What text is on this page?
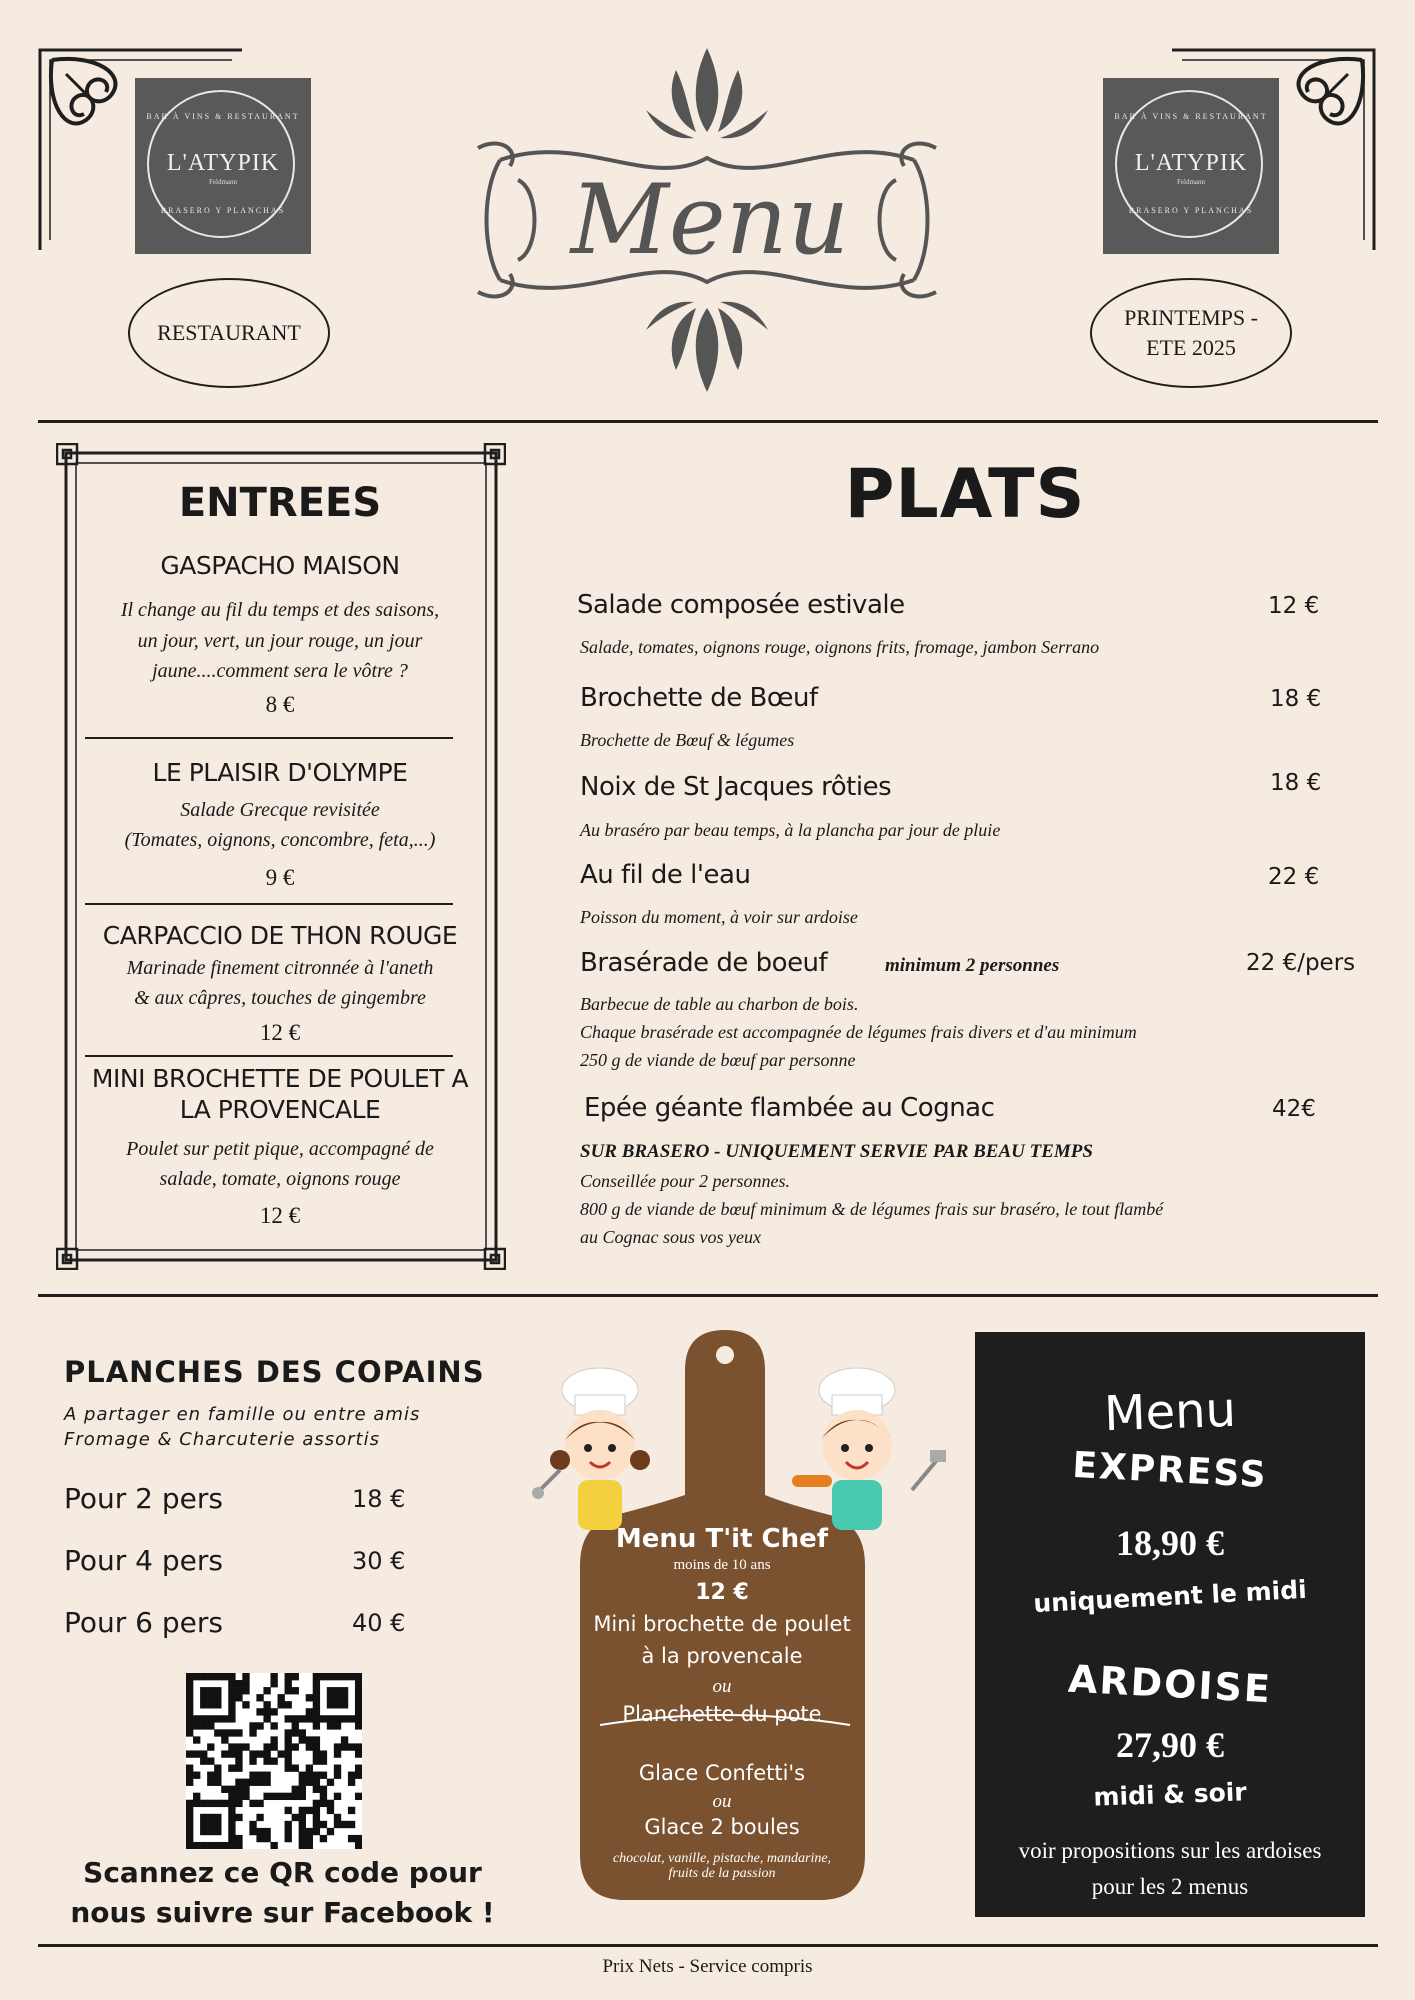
BAR À VINS & RESTAURANT
L'ATYPIK
Feldmann
BRASERO Y PLANCHAS
BAR À VINS & RESTAURANT
L'ATYPIK
Feldmann
BRASERO Y PLANCHAS
RESTAURANT
PRINTEMPS -
ETE 2025
Menu
ENTREES
GASPACHO MAISON
Il change au fil du temps et des saisons,
un jour, vert, un jour rouge, un jour
jaune....comment sera le vôtre ?
8 €
LE PLAISIR D'OLYMPE
Salade Grecque revisitée
(Tomates, oignons, concombre, feta,...)
9 €
CARPACCIO DE THON ROUGE
Marinade finement citronnée à l'aneth
& aux câpres, touches de gingembre
12 €
MINI BROCHETTE DE POULET A
LA PROVENCALE
Poulet sur petit pique, accompagné de
salade, tomate, oignons rouge
12 €
PLATS
Salade composée estivale	12 €
Salade, tomates, oignons rouge, oignons frits, fromage, jambon Serrano
Brochette de Bœuf	18 €
Brochette de Bœuf & légumes
Noix de St Jacques rôties	18 €
Au braséro par beau temps, à la plancha par jour de pluie
Au fil de l'eau	22 €
Poisson du moment, à voir sur ardoise
Brasérade de boeuf	minimum 2 personnes	22 €/pers
Barbecue de table au charbon de bois.
Chaque brasérade est accompagnée de légumes frais divers et d'au minimum
250 g de viande de bœuf par personne
Epée géante flambée au Cognac	42€
SUR BRASERO - UNIQUEMENT SERVIE PAR BEAU TEMPS
Conseillée pour 2 personnes.
800 g de viande de bœuf minimum & de légumes frais sur braséro, le tout flambé
au Cognac sous vos yeux
PLANCHES DES COPAINS
A partager en famille ou entre amis
Fromage & Charcuterie assortis
Pour 2 pers	18 €
Pour 4 pers	30 €
Pour 6 pers	40 €
Scannez ce QR code pour
nous suivre sur Facebook !
Menu T'it Chef
moins de 10 ans
12 €
Mini brochette de poulet
à la provencale
ou
Planchette du pote
Glace Confetti's
ou
Glace 2 boules
chocolat, vanille, pistache, mandarine,
fruits de la passion
Menu
EXPRESS
18,90 €
uniquement le midi
ARDOISE
27,90 €
midi & soir
voir propositions sur les ardoises
pour les 2 menus
Prix Nets - Service compris
